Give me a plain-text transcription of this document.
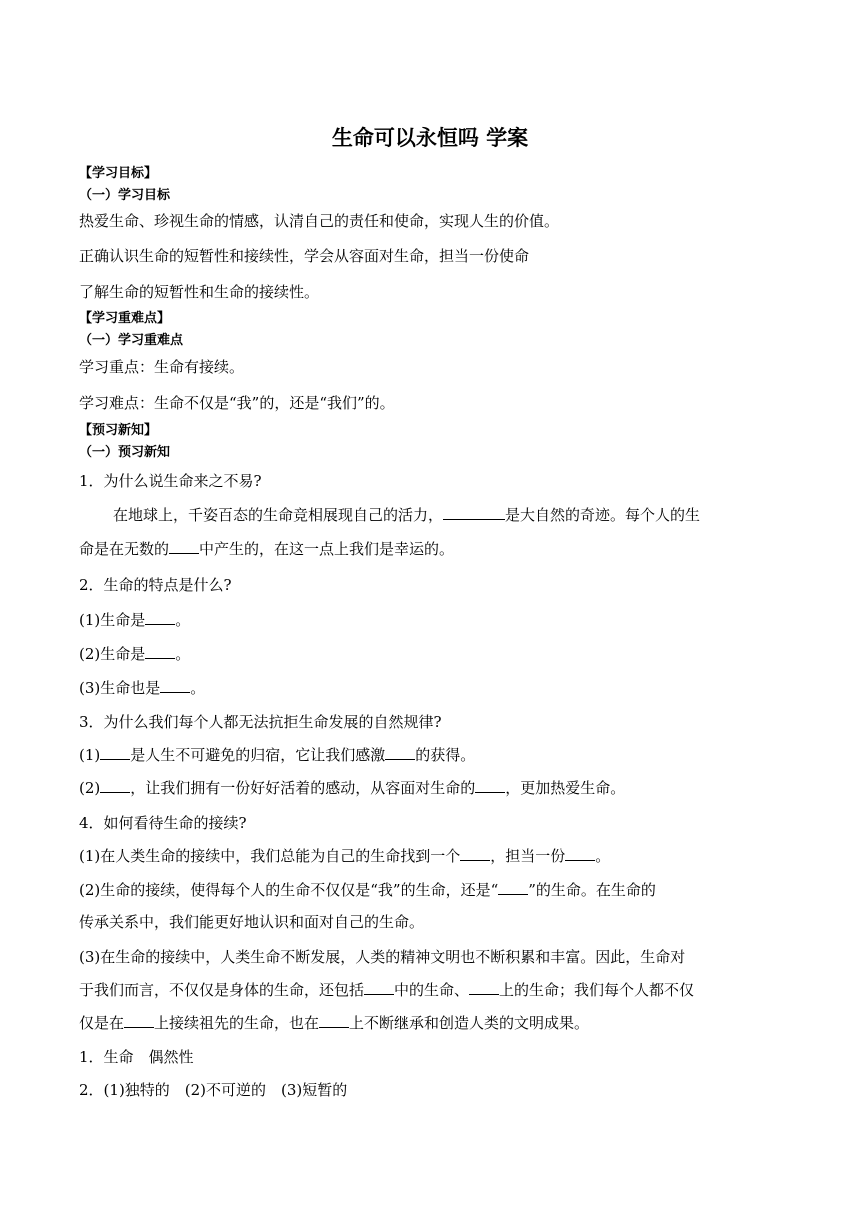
生命可以永恒吗 学案
【学习目标】
（一）学习目标
热爱生命、珍视生命的情感，认清自己的责任和使命，实现人生的价值。
正确认识生命的短暂性和接续性，学会从容面对生命，担当一份使命
了解生命的短暂性和生命的接续性。
【学习重难点】
（一）学习重难点
学习重点：生命有接续。
学习难点：生命不仅是“我”的，还是“我们”的。
【预习新知】
（一）预习新知
1．为什么说生命来之不易?
在地球上，千姿百态的生命竞相展现自己的活力，	是大自然的奇迹。每个人的生
命是在无数的 中产生的，在这一点上我们是幸运的。
2．生命的特点是什么?
(1)生命是 。
(2)生命是 。
(3)生命也是 。
3．为什么我们每个人都无法抗拒生命发展的自然规律?
(1) 是人生不可避免的归宿，它让我们感激 的获得。
(2) ，让我们拥有一份好好活着的感动，从容面对生命的 ，更加热爱生命。
4．如何看待生命的接续?
(1)在人类生命的接续中，我们总能为自己的生命找到一个 ，担当一份 。
(2)生命的接续，使得每个人的生命不仅仅是“我”的生命，还是“ ”的生命。在生命的
传承关系中，我们能更好地认识和面对自己的生命。
(3)在生命的接续中，人类生命不断发展，人类的精神文明也不断积累和丰富。因此，生命对
于我们而言，不仅仅是身体的生命，还包括 中的生命、 上的生命；我们每个人都不仅
仅是在 上接续祖先的生命，也在 上不断继承和创造人类的文明成果。
1．生命　偶然性
2．(1)独特的　(2)不可逆的　(3)短暂的
